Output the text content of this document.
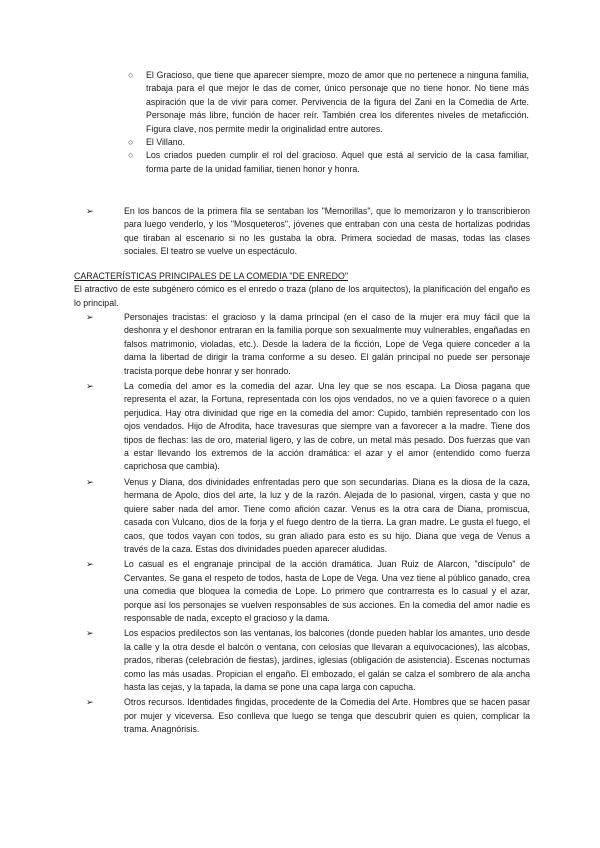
○ El Gracioso, que tiene que aparecer siempre, mozo de amor que no pertenece a ninguna familia, trabaja para el que mejor le das de comer, único personaje que no tiene honor. No tiene más aspiración que la de vivir para comer. Pervivencia de la figura del Zani en la Comedia de Arte. Personaje más libre, función de hacer reír. También crea los diferentes niveles de metaficción. Figura clave, nos permite medir la originalidad entre autores.

○ El Villano.

○ Los criados pueden cumplir el rol del gracioso. Aquel que está al servicio de la casa familiar, forma parte de la unidad familiar, tienen honor y honra.

➢	En los bancos de la primera fila se sentaban los "Memorillas", que lo memorizaron y lo transcribieron para luego venderlo, y los "Mosqueteros", jóvenes que entraban con una cesta de hortalizas podridas que tiraban al escenario si no les gustaba la obra. Primera sociedad de masas, todas las clases sociales. El teatro se vuelve un espectáculo.

CARACTERÍSTICAS PRINCIPALES DE LA COMEDIA "DE ENREDO"

El atractivo de este subgénero cómico es el enredo o traza (plano de los arquitectos), la planificación del engaño es lo principal.

➢	Personajes tracistas: el gracioso y la dama principal (en el caso de la mujer era muy fácil que la deshonra y el deshonor entraran en la familia porque son sexualmente muy vulnerables, engañadas en falsos matrimonio, violadas, etc.). Desde la ladera de la ficción, Lope de Vega quiere conceder a la dama la libertad de dirigir la trama conforme a su deseo. El galán principal no puede ser personaje tracista porque debe honrar y ser honrado.

➢	La comedia del amor es la comedia del azar. Una ley que se nos escapa. La Diosa pagana que representa el azar, la Fortuna, representada con los ojos vendados, no ve a quien favorece o a quien perjudica. Hay otra divinidad que rige en la comedia del amor: Cupido, también representado con los ojos vendados. Hijo de Afrodita, hace travesuras que siempre van a favorecer a la madre. Tiene dos tipos de flechas: las de oro, material ligero, y las de cobre, un metal más pesado. Dos fuerzas que van a estar llevando los extremos de la acción dramática: el azar y el amor (entendido como fuerza caprichosa que cambia).

➢	Venus y Diana, dos divinidades enfrentadas pero que son secundarias. Diana es la diosa de la caza, hermana de Apolo, dios del arte, la luz y de la razón. Alejada de lo pasional, virgen, casta y que no quiere saber nada del amor. Tiene como afición cazar. Venus es la otra cara de Diana, promiscua, casada con Vulcano, dios de la forja y el fuego dentro de la tierra. La gran madre. Le gusta el fuego, el caos, que todos vayan con todos, su gran aliado para esto es su hijo. Diana que vega de Venus a través de la caza. Estas dos divinidades pueden aparecer aludidas.

➢	Lo casual es el engranaje principal de la acción dramática. Juan Ruiz de Alarcon, "discípulo" de Cervantes. Se gana el respeto de todos, hasta de Lope de Vega. Una vez tiene al público ganado, crea una comedia que bloquea la comedia de Lope. Lo primero que contrarresta es lo casual y el azar, porque así los personajes se vuelven responsables de sus acciones. En la comedia del amor nadie es responsable de nada, excepto el gracioso y la dama.

➢	Los espacios predilectos son las ventanas, los balcones (donde pueden hablar los amantes, uno desde la calle y la otra desde el balcón o ventana, con celosías que llevaran a equivocaciones), las alcobas, prados, riberas (celebración de fiestas), jardines, iglesias (obligación de asistencia). Escenas nocturnas como las más usadas. Propician el engaño. El embozado, el galán se calza el sombrero de ala ancha hasta las cejas, y la tapada, la dama se pone una capa larga con capucha.

➢	Otros recursos. Identidades fingidas, procedente de la Comedia del Arte. Hombres que se hacen pasar por mujer y viceversa. Eso conlleva que luego se tenga que descubrir quien es quien, complicar la trama. Anagnórisis.
